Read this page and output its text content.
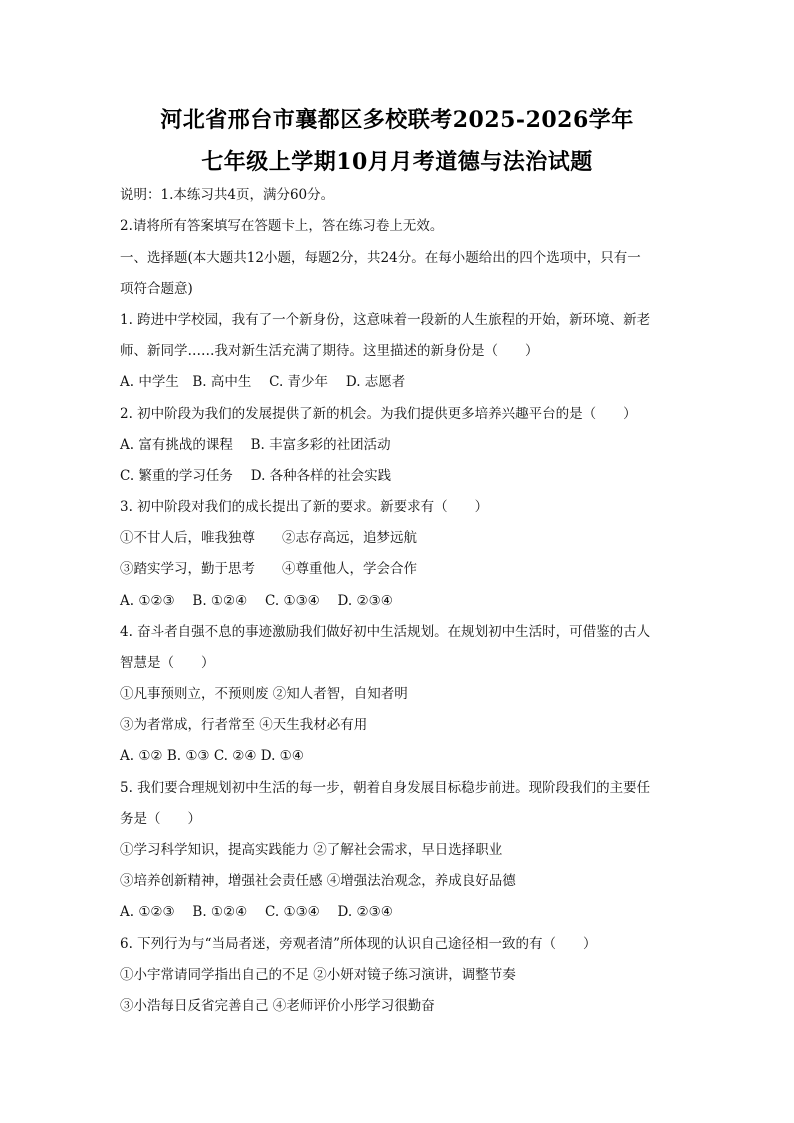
河北省邢台市襄都区多校联考2025-2026学年
七年级上学期10月月考道德与法治试题
说明：1.本练习共4页，满分60分。
2.请将所有答案填写在答题卡上，答在练习卷上无效。
一、选择题(本大题共12小题，每题2分，共24分。在每小题给出的四个选项中，只有一
项符合题意)
1. 跨进中学校园，我有了一个新身份，这意味着一段新的人生旅程的开始，新环境、新老
师、新同学……我对新生活充满了期待。这里描述的新身份是（　　）
A. 中学生　B. 高中生　 C. 青少年　 D. 志愿者
2. 初中阶段为我们的发展提供了新的机会。为我们提供更多培养兴趣平台的是（　　）
A. 富有挑战的课程　 B. 丰富多彩的社团活动
C. 繁重的学习任务　 D. 各种各样的社会实践
3. 初中阶段对我们的成长提出了新的要求。新要求有（　　）
①不甘人后，唯我独尊　　②志存高远，追梦远航
③踏实学习，勤于思考　　④尊重他人，学会合作
A. ①②③　 B. ①②④　 C. ①③④　 D. ②③④
4. 奋斗者自强不息的事迹激励我们做好初中生活规划。在规划初中生活时，可借鉴的古人
智慧是（　　）
①凡事预则立，不预则废 ②知人者智，自知者明
③为者常成，行者常至 ④天生我材必有用
A. ①② B. ①③ C. ②④ D. ①④
5. 我们要合理规划初中生活的每一步，朝着自身发展目标稳步前进。现阶段我们的主要任
务是（　　）
①学习科学知识，提高实践能力 ②了解社会需求，早日选择职业
③培养创新精神，增强社会责任感 ④增强法治观念，养成良好品德
A. ①②③　 B. ①②④　 C. ①③④　 D. ②③④
6. 下列行为与“当局者迷，旁观者清”所体现的认识自己途径相一致的有（　　）
①小宇常请同学指出自己的不足 ②小妍对镜子练习演讲，调整节奏
③小浩每日反省完善自己 ④老师评价小彤学习很勤奋
